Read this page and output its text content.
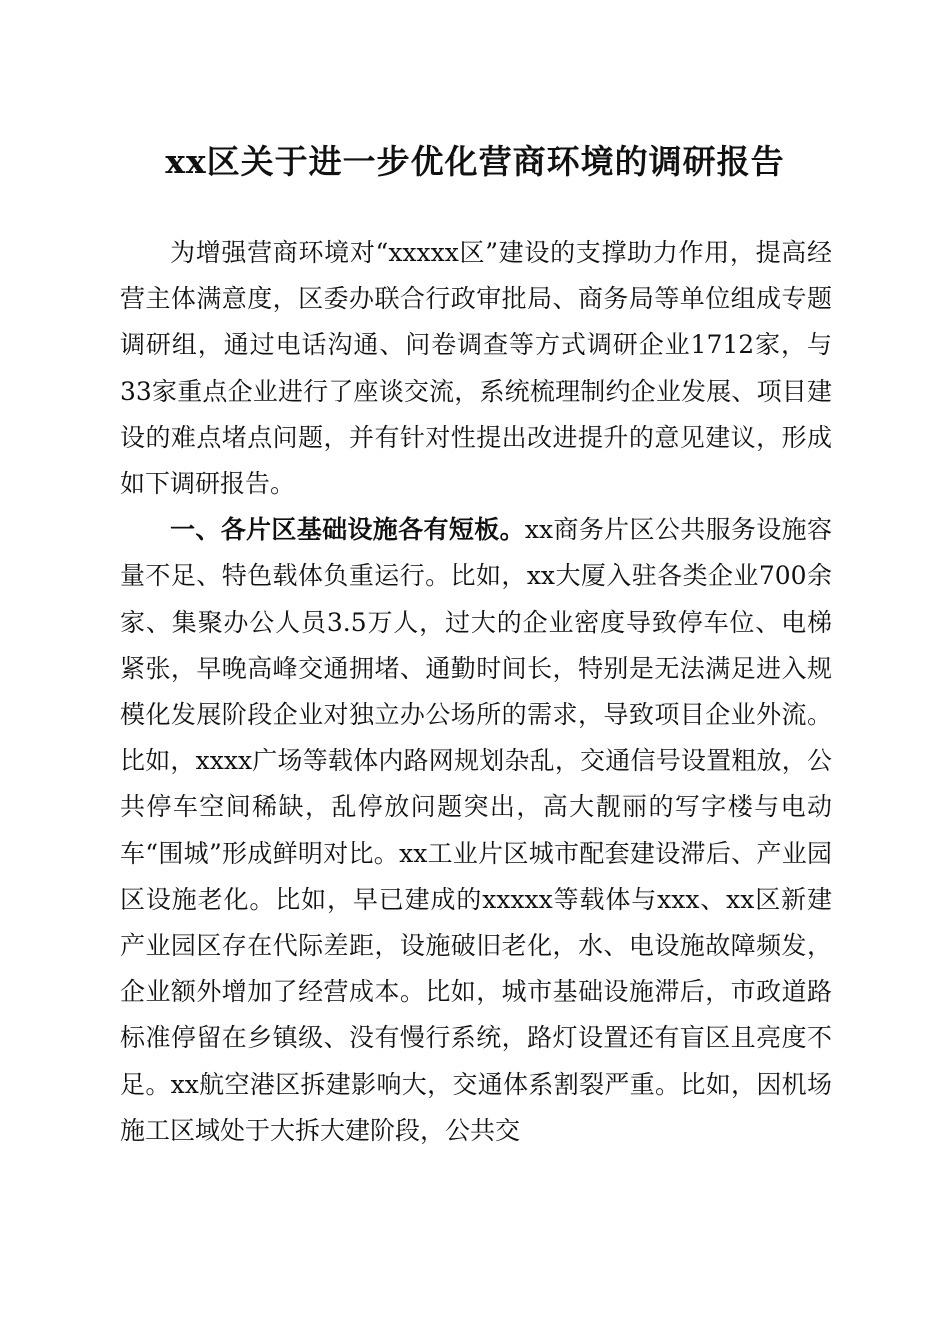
xx区关于进一步优化营商环境的调研报告

为增强营商环境对“xxxxx区”建设的支撑助力作用，提高经营主体满意度，区委办联合行政审批局、商务局等单位组成专题调研组，通过电话沟通、问卷调查等方式调研企业1712家，与33家重点企业进行了座谈交流，系统梳理制约企业发展、项目建设的难点堵点问题，并有针对性提出改进提升的意见建议，形成如下调研报告。

一、各片区基础设施各有短板。xx商务片区公共服务设施容量不足、特色载体负重运行。比如，xx大厦入驻各类企业700余家、集聚办公人员3.5万人，过大的企业密度导致停车位、电梯紧张，早晚高峰交通拥堵、通勤时间长，特别是无法满足进入规模化发展阶段企业对独立办公场所的需求，导致项目企业外流。比如，xxxx广场等载体内路网规划杂乱，交通信号设置粗放，公共停车空间稀缺，乱停放问题突出，高大靓丽的写字楼与电动车“围城”形成鲜明对比。xx工业片区城市配套建设滞后、产业园区设施老化。比如，早已建成的xxxxx等载体与xxx、xx区新建产业园区存在代际差距，设施破旧老化，水、电设施故障频发，企业额外增加了经营成本。比如，城市基础设施滞后，市政道路标准停留在乡镇级、没有慢行系统，路灯设置还有盲区且亮度不足。xx航空港区拆建影响大，交通体系割裂严重。比如，因机场施工区域处于大拆大建阶段，公共交
